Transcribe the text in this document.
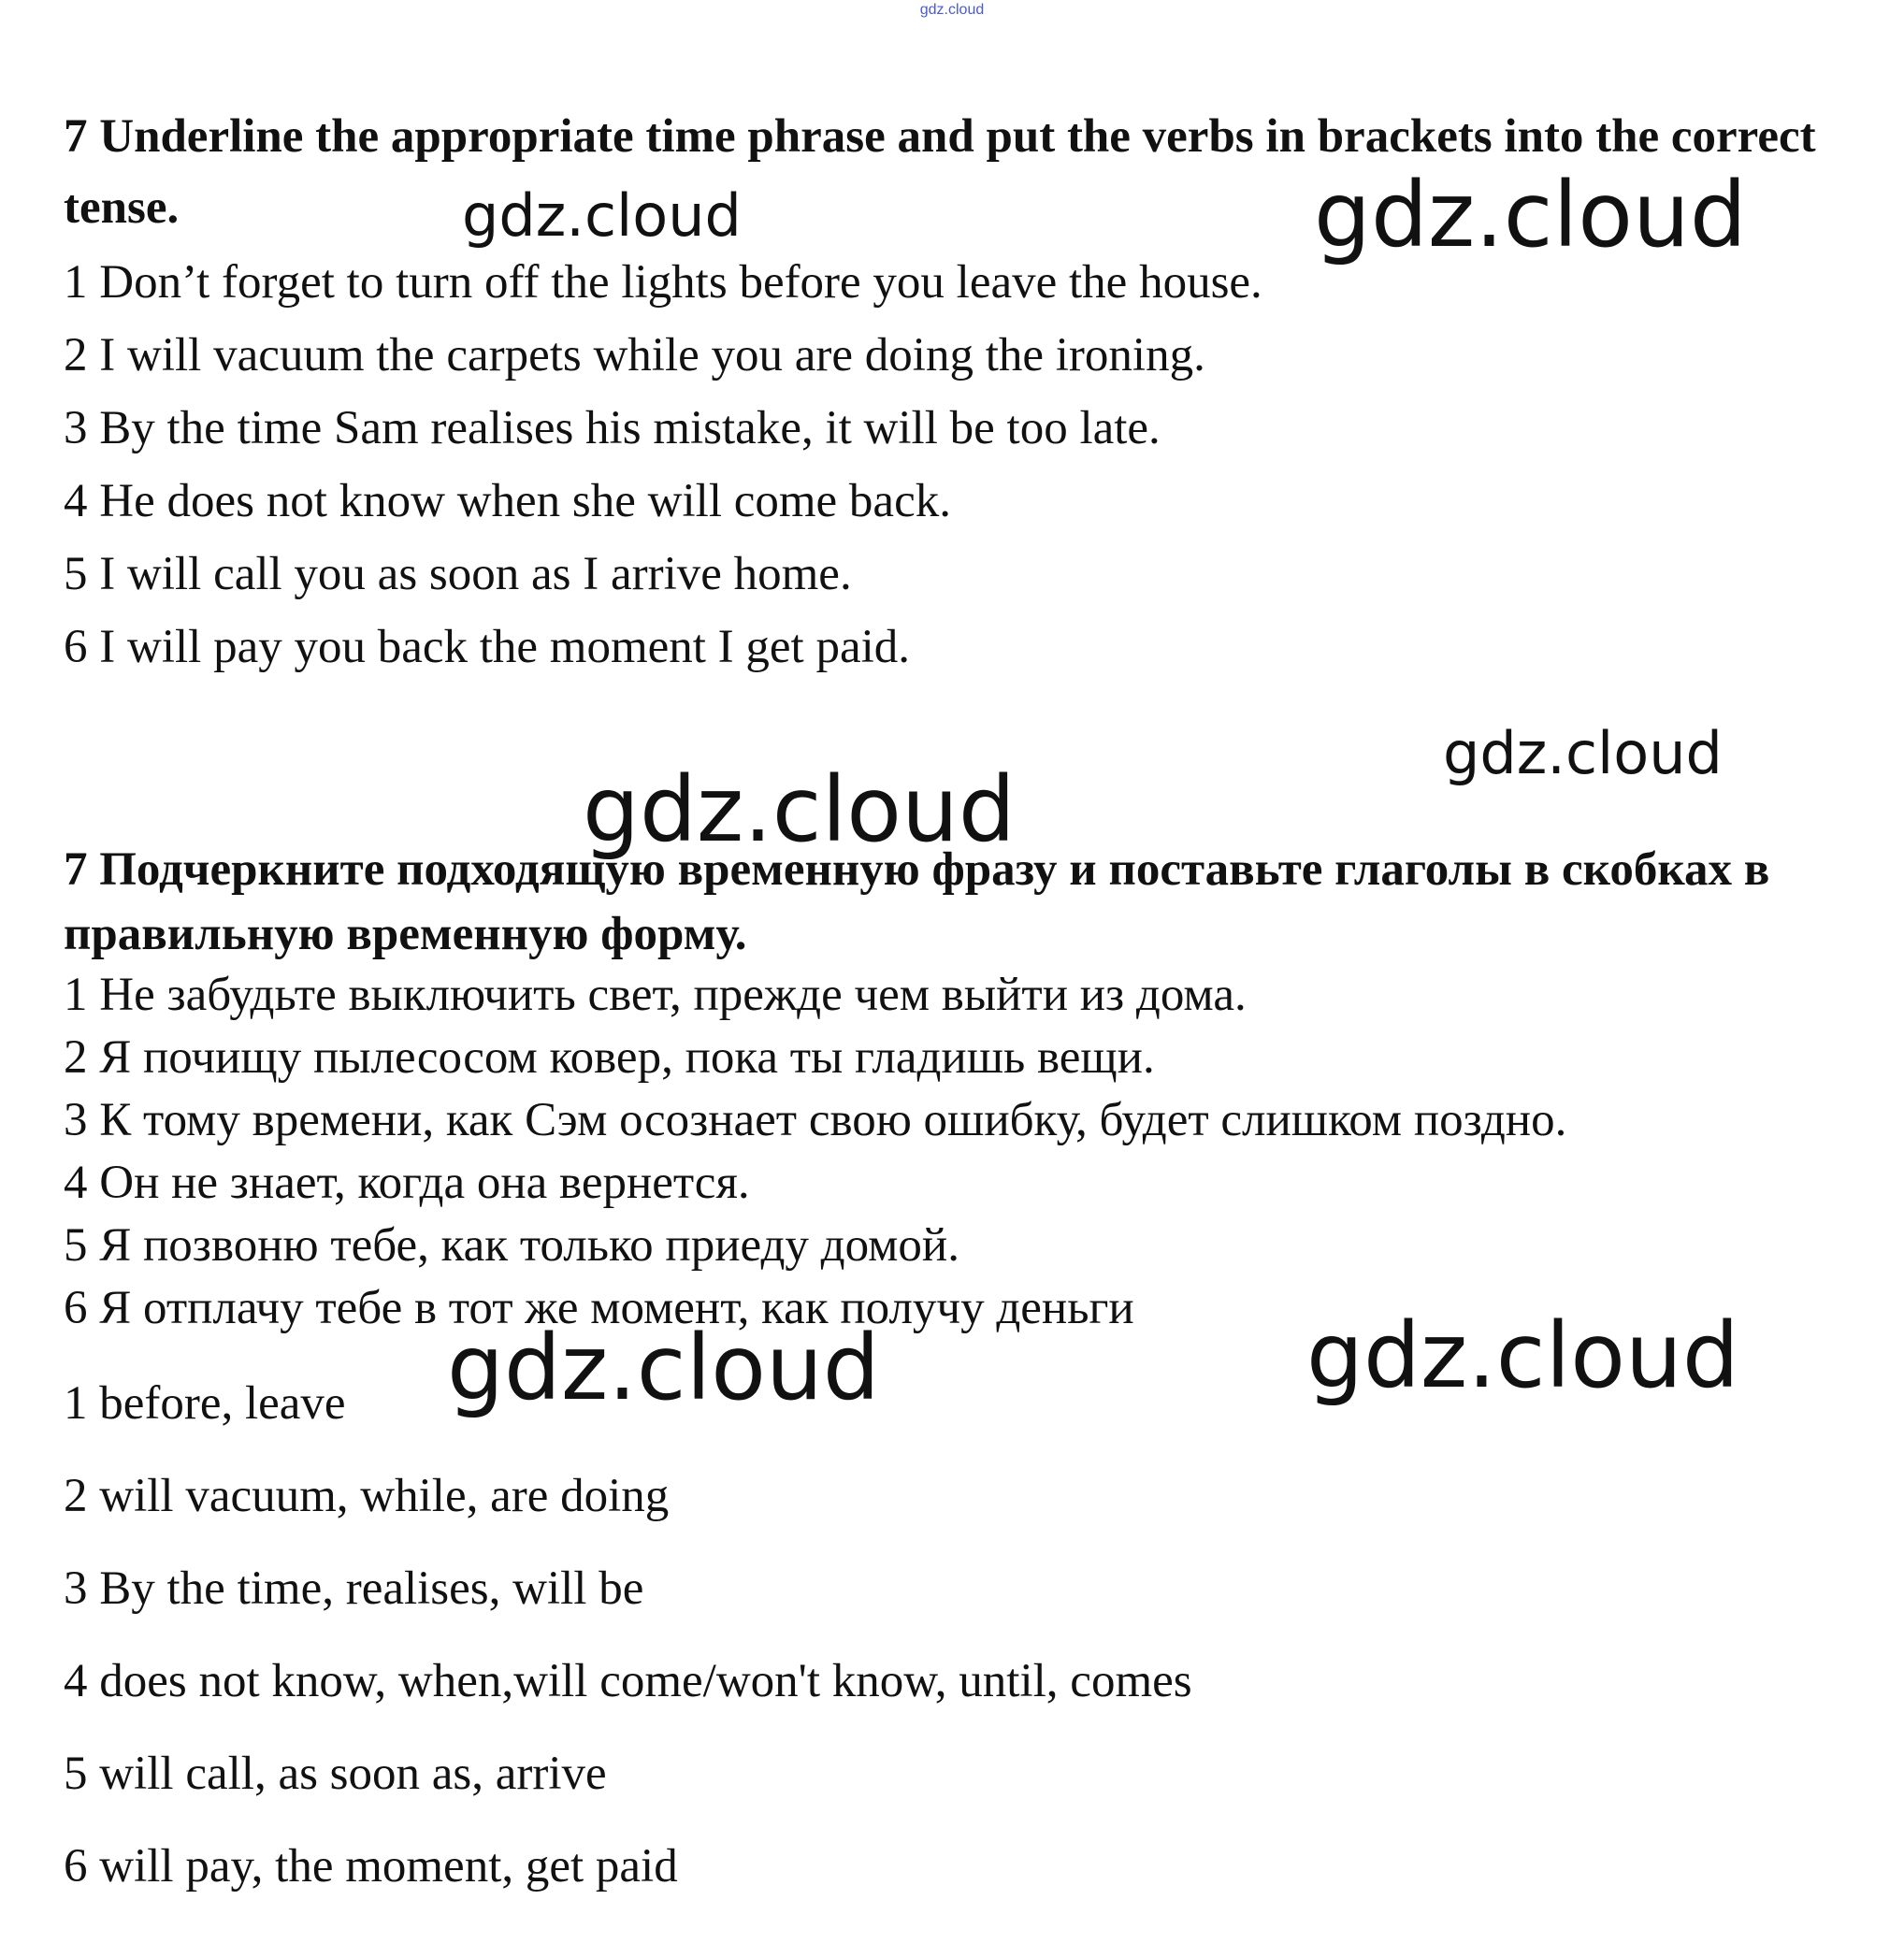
gdz.cloud
7 Underline the appropriate time phrase and put the verbs in brackets into the correct tense.
1 Don’t forget to turn off the lights before you leave the house.
2 I will vacuum the carpets while you are doing the ironing.
3 By the time Sam realises his mistake, it will be too late.
4 He does not know when she will come back.
5 I will call you as soon as I arrive home.
6 I will pay you back the moment I get paid.
7 Подчеркните подходящую временную фразу и поставьте глаголы в скобках в правильную временную форму.
1 Не забудьте выключить свет, прежде чем выйти из дома.
2 Я почищу пылесосом ковер, пока ты гладишь вещи.
3 К тому времени, как Сэм осознает свою ошибку, будет слишком поздно.
4 Он не знает, когда она вернется.
5 Я позвоню тебе, как только приеду домой.
6 Я отплачу тебе в тот же момент, как получу деньги
1 before, leave
2 will vacuum, while, are doing
3 By the time, realises, will be
4 does not know, when,will come/won't know, until, comes
5 will call, as soon as, arrive
6 will pay, the moment, get paid
gdz.cloud	gdz.cloud
gdz.cloud
gdz.cloud
gdz.cloud	gdz.cloud
